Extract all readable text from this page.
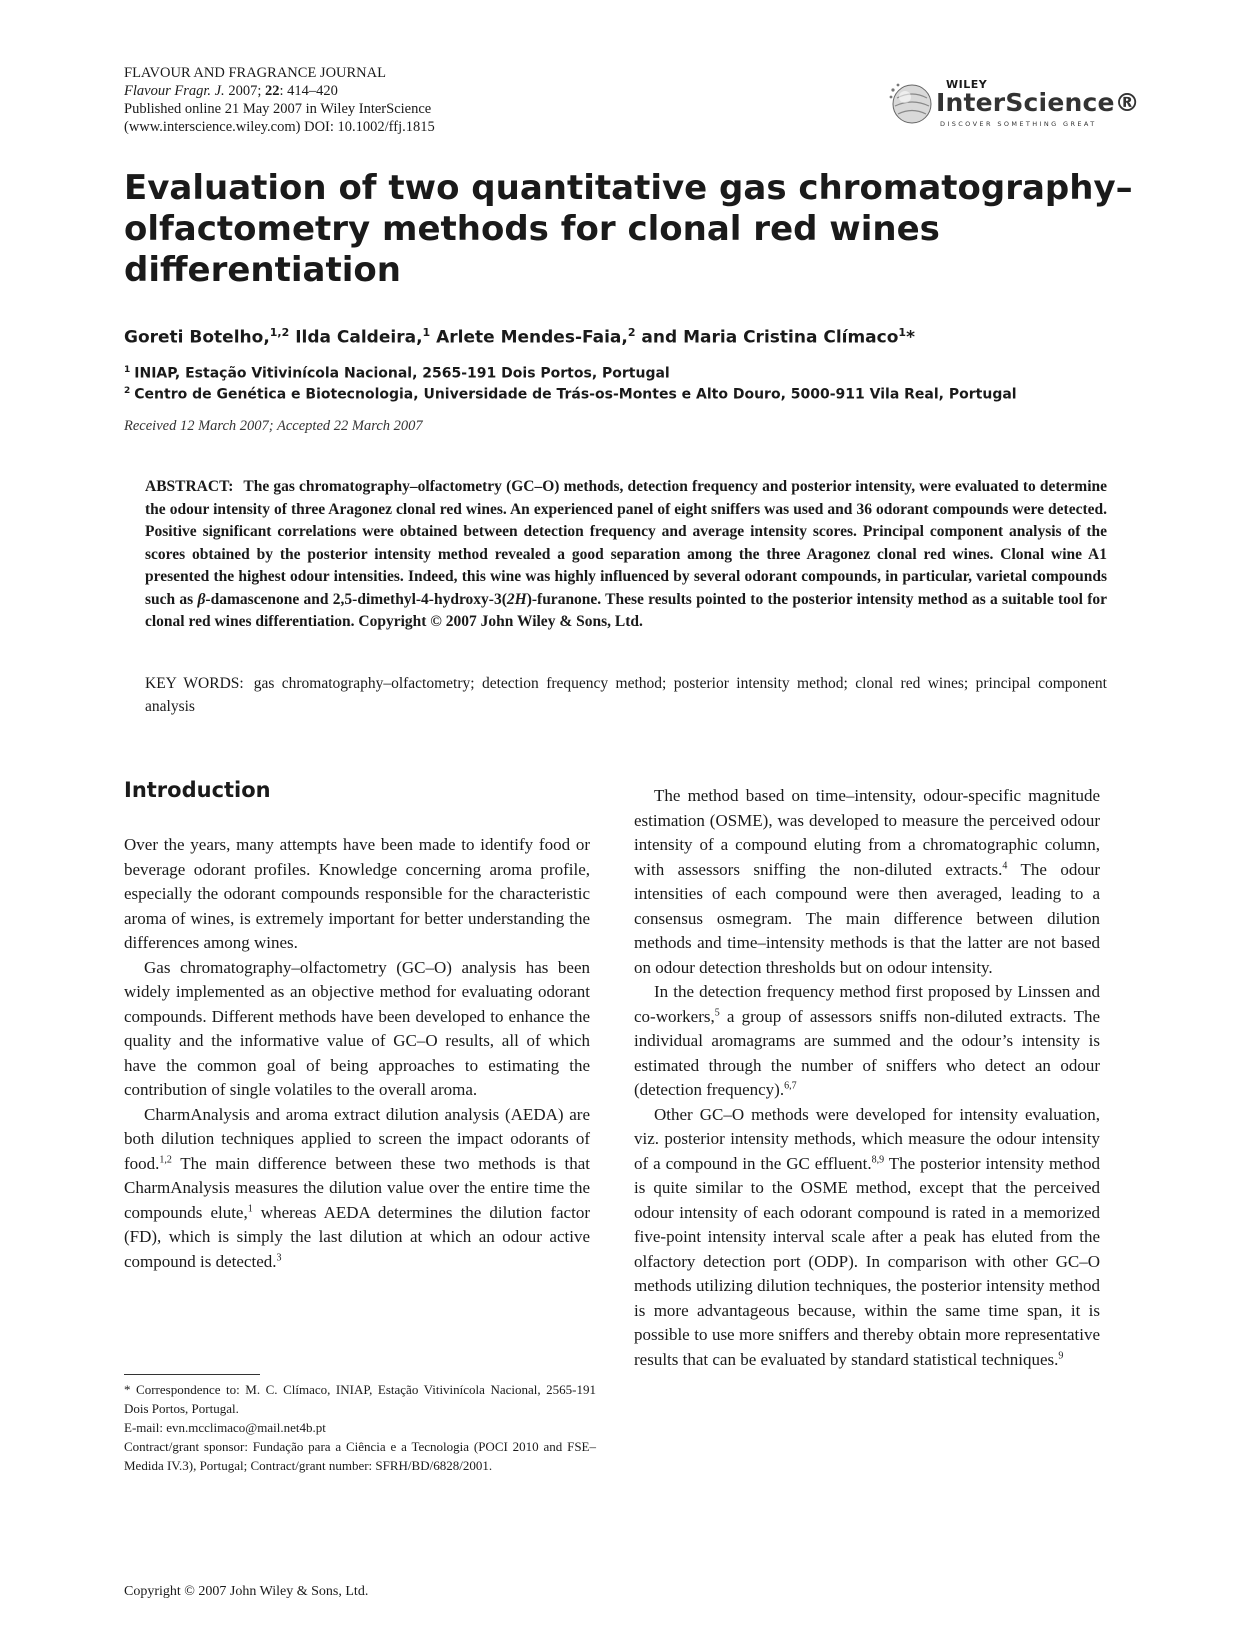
FLAVOUR AND FRAGRANCE JOURNAL
Flavour Fragr. J. 2007; 22: 414–420
Published online 21 May 2007 in Wiley InterScience
(www.interscience.wiley.com) DOI: 10.1002/ffj.1815
WILEY
InterScience®
DISCOVER SOMETHING GREAT
Evaluation of two quantitative gas chromatography–
olfactometry methods for clonal red wines
differentiation
Goreti Botelho,$^{1,2}$ Ilda Caldeira,$^1$ Arlete Mendes-Faia,$^2$ and Maria Cristina Clímaco$^1$*
$^1$ INIAP, Estação Vitivinícola Nacional, 2565-191 Dois Portos, Portugal
$^2$ Centro de Genética e Biotecnologia, Universidade de Trás-os-Montes e Alto Douro, 5000-911 Vila Real, Portugal
Received 12 March 2007; Accepted 22 March 2007
ABSTRACT: The gas chromatography–olfactometry (GC–O) methods, detection frequency and posterior intensity, were evaluated to determine the odour intensity of three Aragonez clonal red wines. An experienced panel of eight sniffers was used and 36 odorant compounds were detected. Positive significant correlations were obtained between detection frequency and average intensity scores. Principal component analysis of the scores obtained by the posterior intensity method revealed a good separation among the three Aragonez clonal red wines. Clonal wine A1 presented the highest odour intensities. Indeed, this wine was highly influenced by several odorant compounds, in particular, varietal compounds such as β-damascenone and 2,5-dimethyl-4-hydroxy-3(2H)-furanone. These results pointed to the posterior intensity method as a suitable tool for clonal red wines differentiation. Copyright © 2007 John Wiley & Sons, Ltd.
KEY WORDS: gas chromatography–olfactometry; detection frequency method; posterior intensity method; clonal red wines; principal component analysis
Introduction

Over the years, many attempts have been made to identify food or beverage odorant profiles. Knowledge concerning aroma profile, especially the odorant compounds responsible for the characteristic aroma of wines, is extremely important for better understanding the differences among wines.

Gas chromatography–olfactometry (GC–O) analysis has been widely implemented as an objective method for evaluating odorant compounds. Different methods have been developed to enhance the quality and the informative value of GC–O results, all of which have the common goal of being approaches to estimating the contribution of single volatiles to the overall aroma.

CharmAnalysis and aroma extract dilution analysis (AEDA) are both dilution techniques applied to screen the impact odorants of food.$^{1,2}$ The main difference between these two methods is that CharmAnalysis measures the dilution value over the entire time the compounds elute,$^1$ whereas AEDA determines the dilution factor (FD), which is simply the last dilution at which an odour active compound is detected.$^3$

The method based on time–intensity, odour-specific magnitude estimation (OSME), was developed to measure the perceived odour intensity of a compound eluting from a chromatographic column, with assessors sniffing the non-diluted extracts.$^4$ The odour intensities of each compound were then averaged, leading to a consensus osmegram. The main difference between dilution methods and time–intensity methods is that the latter are not based on odour detection thresholds but on odour intensity.

In the detection frequency method first proposed by Linssen and co-workers,$^5$ a group of assessors sniffs non-diluted extracts. The individual aromagrams are summed and the odour’s intensity is estimated through the number of sniffers who detect an odour (detection frequency).$^{6,7}$

Other GC–O methods were developed for intensity evaluation, viz. posterior intensity methods, which measure the odour intensity of a compound in the GC effluent.$^{8,9}$ The posterior intensity method is quite similar to the OSME method, except that the perceived odour intensity of each odorant compound is rated in a memorized five-point intensity interval scale after a peak has eluted from the olfactory detection port (ODP). In comparison with other GC–O methods utilizing dilution techniques, the posterior intensity method is more advantageous because, within the same time span, it is possible to use more sniffers and thereby obtain more representative results that can be evaluated by standard statistical techniques.$^9$

* Correspondence to: M. C. Clímaco, INIAP, Estação Vitivinícola Nacional, 2565-191 Dois Portos, Portugal.

E-mail: evn.mcclimaco@mail.net4b.pt

Contract/grant sponsor: Fundação para a Ciência e a Tecnologia (POCI 2010 and FSE–Medida IV.3), Portugal; Contract/grant number: SFRH/BD/6828/2001.

Copyright © 2007 John Wiley & Sons, Ltd.
